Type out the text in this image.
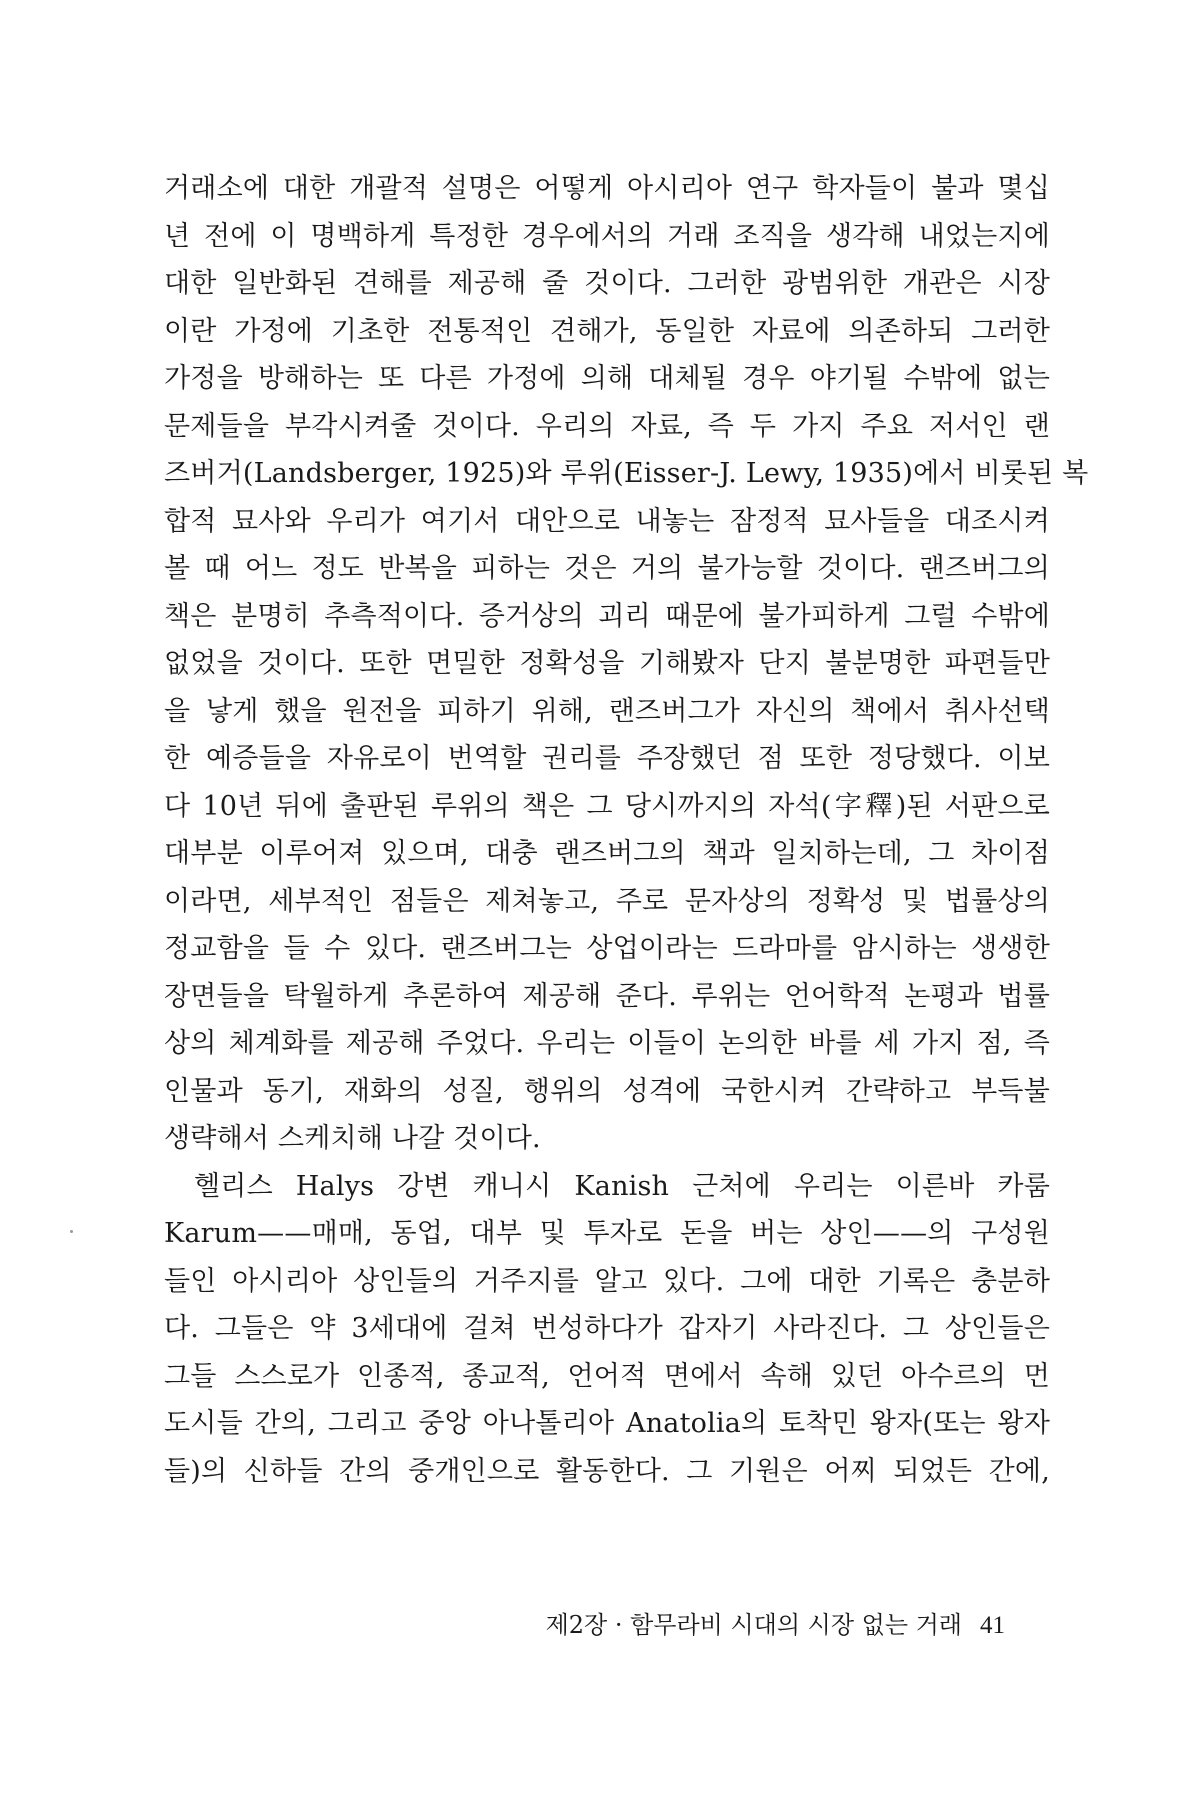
거래소에 대한 개괄적 설명은 어떻게 아시리아 연구 학자들이 불과 몇십
년 전에 이 명백하게 특정한 경우에서의 거래 조직을 생각해 내었는지에
대한 일반화된 견해를 제공해 줄 것이다. 그러한 광범위한 개관은 시장
이란 가정에 기초한 전통적인 견해가, 동일한 자료에 의존하되 그러한
가정을 방해하는 또 다른 가정에 의해 대체될 경우 야기될 수밖에 없는
문제들을 부각시켜줄 것이다. 우리의 자료, 즉 두 가지 주요 저서인 랜
즈버거(Landsberger, 1925)와 루위(Eisser-J. Lewy, 1935)에서 비롯된 복
합적 묘사와 우리가 여기서 대안으로 내놓는 잠정적 묘사들을 대조시켜
볼 때 어느 정도 반복을 피하는 것은 거의 불가능할 것이다. 랜즈버그의
책은 분명히 추측적이다. 증거상의 괴리 때문에 불가피하게 그럴 수밖에
없었을 것이다. 또한 면밀한 정확성을 기해봤자 단지 불분명한 파편들만
을 낳게 했을 원전을 피하기 위해, 랜즈버그가 자신의 책에서 취사선택
한 예증들을 자유로이 번역할 권리를 주장했던 점 또한 정당했다. 이보
다 10년 뒤에 출판된 루위의 책은 그 당시까지의 자석(字釋)된 서판으로
대부분 이루어져 있으며, 대충 랜즈버그의 책과 일치하는데, 그 차이점
이라면, 세부적인 점들은 제쳐놓고, 주로 문자상의 정확성 및 법률상의
정교함을 들 수 있다. 랜즈버그는 상업이라는 드라마를 암시하는 생생한
장면들을 탁월하게 추론하여 제공해 준다. 루위는 언어학적 논평과 법률
상의 체계화를 제공해 주었다. 우리는 이들이 논의한 바를 세 가지 점, 즉
인물과 동기, 재화의 성질, 행위의 성격에 국한시켜 간략하고 부득불
생략해서 스케치해 나갈 것이다.
헬리스 Halys 강변 캐니시 Kanish 근처에 우리는 이른바 카룸
Karum——매매, 동업, 대부 및 투자로 돈을 버는 상인——의 구성원
들인 아시리아 상인들의 거주지를 알고 있다. 그에 대한 기록은 충분하
다. 그들은 약 3세대에 걸쳐 번성하다가 갑자기 사라진다. 그 상인들은
그들 스스로가 인종적, 종교적, 언어적 면에서 속해 있던 아수르의 먼
도시들 간의, 그리고 중앙 아나톨리아 Anatolia의 토착민 왕자(또는 왕자
들)의 신하들 간의 중개인으로 활동한다. 그 기원은 어찌 되었든 간에,
제2장 · 함무라비 시대의 시장 없는 거래 41
